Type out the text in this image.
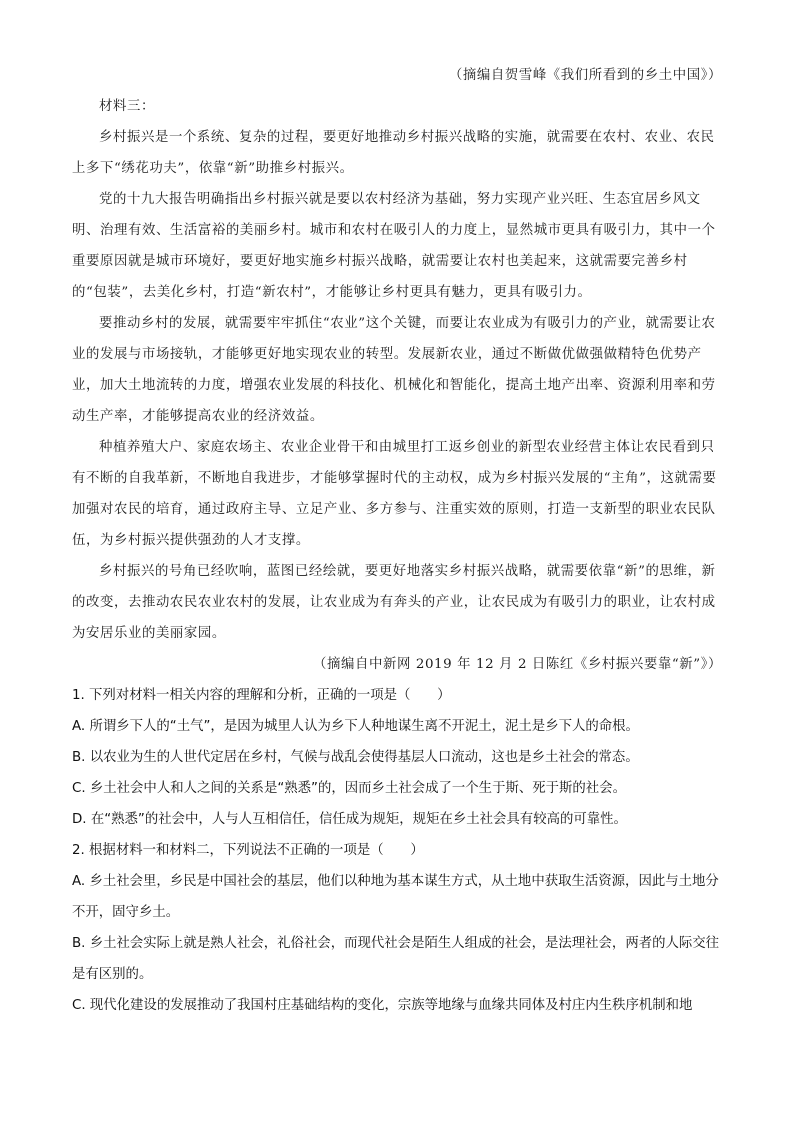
（摘编自贺雪峰《我们所看到的乡土中国》）

材料三：

乡村振兴是一个系统、复杂的过程，要更好地推动乡村振兴战略的实施，就需要在农村、农业、农民上多下“绣花功夫”，依靠“新”助推乡村振兴。

党的十九大报告明确指出乡村振兴就是要以农村经济为基础，努力实现产业兴旺、生态宜居乡风文明、治理有效、生活富裕的美丽乡村。城市和农村在吸引人的力度上，显然城市更具有吸引力，其中一个重要原因就是城市环境好，要更好地实施乡村振兴战略，就需要让农村也美起来，这就需要完善乡村的“包装”，去美化乡村，打造“新农村”，才能够让乡村更具有魅力，更具有吸引力。

要推动乡村的发展，就需要牢牢抓住“农业”这个关键，而要让农业成为有吸引力的产业，就需要让农业的发展与市场接轨，才能够更好地实现农业的转型。发展新农业，通过不断做优做强做精特色优势产业，加大土地流转的力度，增强农业发展的科技化、机械化和智能化，提高土地产出率、资源利用率和劳动生产率，才能够提高农业的经济效益。

种植养殖大户、家庭农场主、农业企业骨干和由城里打工返乡创业的新型农业经营主体让农民看到只有不断的自我革新，不断地自我进步，才能够掌握时代的主动权，成为乡村振兴发展的“主角”，这就需要加强对农民的培育，通过政府主导、立足产业、多方参与、注重实效的原则，打造一支新型的职业农民队伍，为乡村振兴提供强劲的人才支撑。

乡村振兴的号角已经吹响，蓝图已经绘就，要更好地落实乡村振兴战略，就需要依靠“新”的思维，新的改变，去推动农民农业农村的发展，让农业成为有奔头的产业，让农民成为有吸引力的职业，让农村成为安居乐业的美丽家园。

（摘编自中新网 2019 年 12 月 2 日陈红《乡村振兴要靠“新”》）

1. 下列对材料一相关内容的理解和分析，正确的一项是（　　）

A. 所谓乡下人的“土气”，是因为城里人认为乡下人种地谋生离不开泥土，泥土是乡下人的命根。

B. 以农业为生的人世代定居在乡村，气候与战乱会使得基层人口流动，这也是乡土社会的常态。

C. 乡土社会中人和人之间的关系是“熟悉”的，因而乡土社会成了一个生于斯、死于斯的社会。

D. 在“熟悉”的社会中，人与人互相信任，信任成为规矩，规矩在乡土社会具有较高的可靠性。

2. 根据材料一和材料二，下列说法不正确的一项是（　　）

A. 乡土社会里，乡民是中国社会的基层，他们以种地为基本谋生方式，从土地中获取生活资源，因此与土地分不开，固守乡土。

B. 乡土社会实际上就是熟人社会，礼俗社会，而现代社会是陌生人组成的社会，是法理社会，两者的人际交往是有区别的。

C. 现代化建设的发展推动了我国村庄基础结构的变化，宗族等地缘与血缘共同体及村庄内生秩序机制和地
